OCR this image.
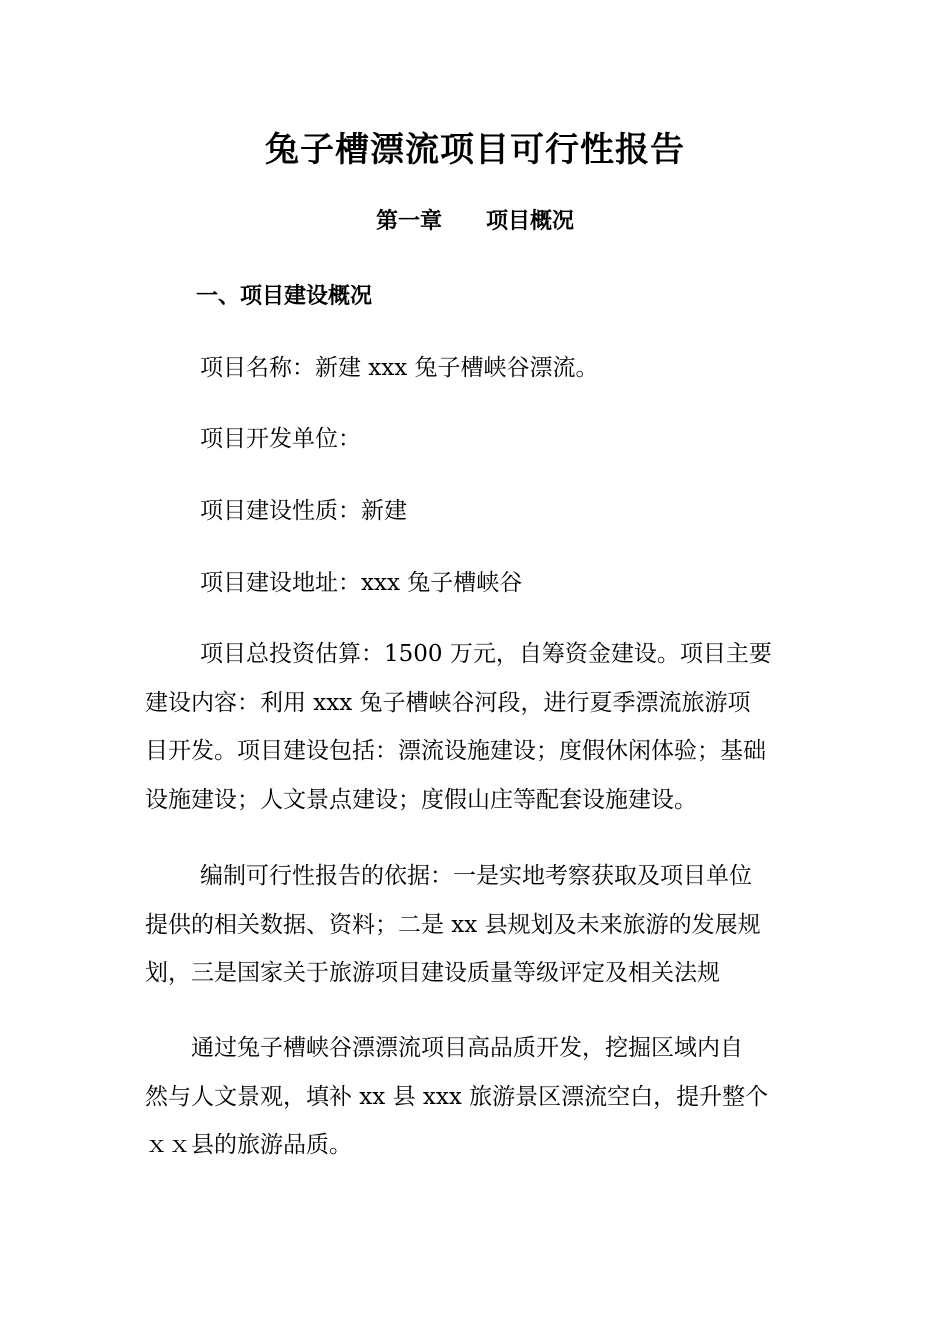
兔子槽漂流项目可行性报告
第一章　　项目概况
一、项目建设概况

项目名称：新建 xxx 兔子槽峡谷漂流。

项目开发单位：

项目建设性质：新建

项目建设地址：xxx 兔子槽峡谷

项目总投资估算：1500 万元，自筹资金建设。项目主要
建设内容：利用 xxx 兔子槽峡谷河段，进行夏季漂流旅游项
目开发。项目建设包括：漂流设施建设；度假休闲体验；基础
设施建设；人文景点建设；度假山庄等配套设施建设。
编制可行性报告的依据：一是实地考察获取及项目单位
提供的相关数据、资料；二是 xx 县规划及未来旅游的发展规
划，三是国家关于旅游项目建设质量等级评定及相关法规
通过兔子槽峡谷漂漂流项目高品质开发，挖掘区域内自
然与人文景观，填补 xx 县 xxx 旅游景区漂流空白，提升整个
ｘｘ县的旅游品质。
